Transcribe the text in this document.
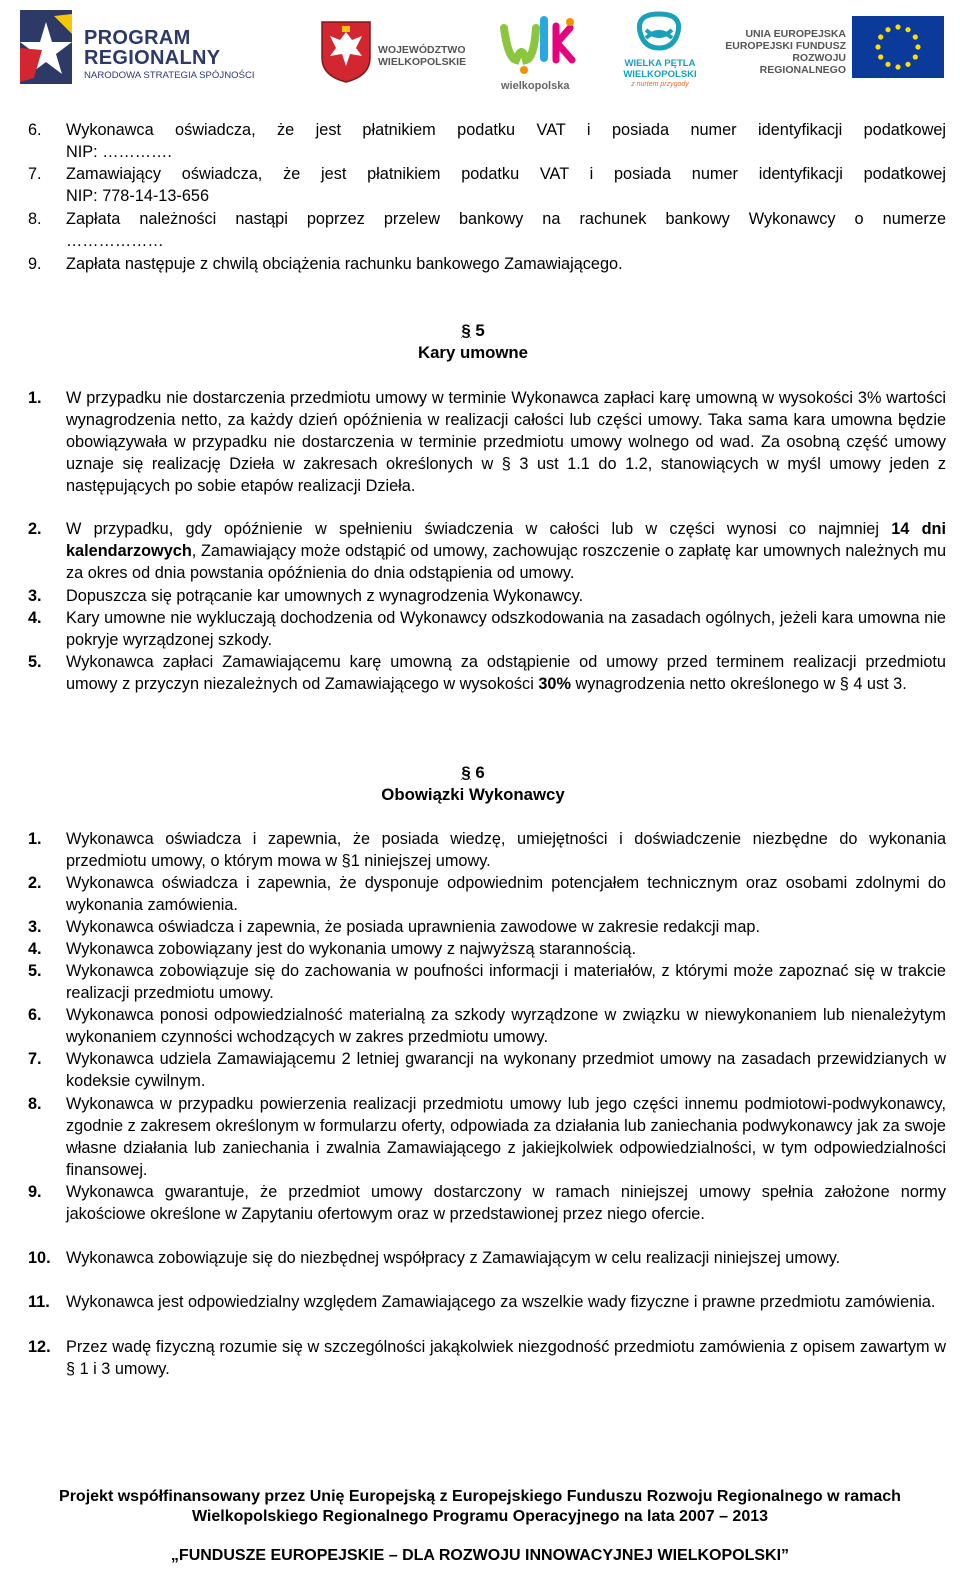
PROGRAM
REGIONALNY
NARODOWA STRATEGIA SPÓJNOŚCI
WOJEWÓDZTWO
WIELKOPOLSKIE
wielkopolska
WIELKA PĘTLA
WIELKOPOLSKI
z nurtem przygody
UNIA EUROPEJSKA
EUROPEJSKI FUNDUSZ
ROZWOJU REGIONALNEGO
6. Wykonawca oświadcza, że jest płatnikiem podatku VAT i posiada numer identyfikacji podatkowej
NIP: ………….
7. Zamawiający oświadcza, że jest płatnikiem podatku VAT i posiada numer identyfikacji podatkowej
NIP: 778-14-13-656
8. Zapłata należności nastąpi poprzez przelew bankowy na rachunek bankowy Wykonawcy o numerze
………………
9. Zapłata następuje z chwilą obciążenia rachunku bankowego Zamawiającego.
§ 5
Kary umowne
1. W przypadku nie dostarczenia przedmiotu umowy w terminie Wykonawca zapłaci karę umowną w wysokości 3% wartości wynagrodzenia netto, za każdy dzień opóźnienia w realizacji całości lub części umowy. Taka sama kara umowna będzie obowiązywała w przypadku nie dostarczenia w terminie przedmiotu umowy wolnego od wad. Za osobną część umowy uznaje się realizację Dzieła w zakresach określonych w § 3 ust 1.1 do 1.2, stanowiących w myśl umowy jeden z następujących po sobie etapów realizacji Dzieła.
2. W przypadku, gdy opóźnienie w spełnieniu świadczenia w całości lub w części wynosi co najmniej 14 dni kalendarzowych, Zamawiający może odstąpić od umowy, zachowując roszczenie o zapłatę kar umownych należnych mu za okres od dnia powstania opóźnienia do dnia odstąpienia od umowy.
3. Dopuszcza się potrącanie kar umownych z wynagrodzenia Wykonawcy.
4. Kary umowne nie wykluczają dochodzenia od Wykonawcy odszkodowania na zasadach ogólnych, jeżeli kara umowna nie pokryje wyrządzonej szkody.
5. Wykonawca zapłaci Zamawiającemu karę umowną za odstąpienie od umowy przed terminem realizacji przedmiotu umowy z przyczyn niezależnych od Zamawiającego w wysokości 30% wynagrodzenia netto określonego w § 4 ust 3.
§ 6
Obowiązki Wykonawcy
1. Wykonawca oświadcza i zapewnia, że posiada wiedzę, umiejętności i doświadczenie niezbędne do wykonania przedmiotu umowy, o którym mowa w §1 niniejszej umowy.
2. Wykonawca oświadcza i zapewnia, że dysponuje odpowiednim potencjałem technicznym oraz osobami zdolnymi do wykonania zamówienia.
3. Wykonawca oświadcza i zapewnia, że posiada uprawnienia zawodowe w zakresie redakcji map.
4. Wykonawca zobowiązany jest do wykonania umowy z najwyższą starannością.
5. Wykonawca zobowiązuje się do zachowania w poufności informacji i materiałów, z którymi może zapoznać się w trakcie realizacji przedmiotu umowy.
6. Wykonawca ponosi odpowiedzialność materialną za szkody wyrządzone w związku w niewykonaniem lub nienależytym wykonaniem czynności wchodzących w zakres przedmiotu umowy.
7. Wykonawca udziela Zamawiającemu 2 letniej gwarancji na wykonany przedmiot umowy na zasadach przewidzianych w kodeksie cywilnym.
8. Wykonawca w przypadku powierzenia realizacji przedmiotu umowy lub jego części innemu podmiotowi-podwykonawcy, zgodnie z zakresem określonym w formularzu oferty, odpowiada za działania lub zaniechania podwykonawcy jak za swoje własne działania lub zaniechania i zwalnia Zamawiającego z jakiejkolwiek odpowiedzialności, w tym odpowiedzialności finansowej.
9. Wykonawca gwarantuje, że przedmiot umowy dostarczony w ramach niniejszej umowy spełnia założone normy jakościowe określone w Zapytaniu ofertowym oraz w przedstawionej przez niego ofercie.
10. Wykonawca zobowiązuje się do niezbędnej współpracy z Zamawiającym w celu realizacji niniejszej umowy.
11. Wykonawca jest odpowiedzialny względem Zamawiającego za wszelkie wady fizyczne i prawne przedmiotu zamówienia.
12. Przez wadę fizyczną rozumie się w szczególności jakąkolwiek niezgodność przedmiotu zamówienia z opisem zawartym w § 1 i 3 umowy.
Projekt współfinansowany przez Unię Europejską z Europejskiego Funduszu Rozwoju Regionalnego w ramach
Wielkopolskiego Regionalnego Programu Operacyjnego na lata 2007 – 2013
„FUNDUSZE EUROPEJSKIE – DLA ROZWOJU INNOWACYJNEJ WIELKOPOLSKI”
